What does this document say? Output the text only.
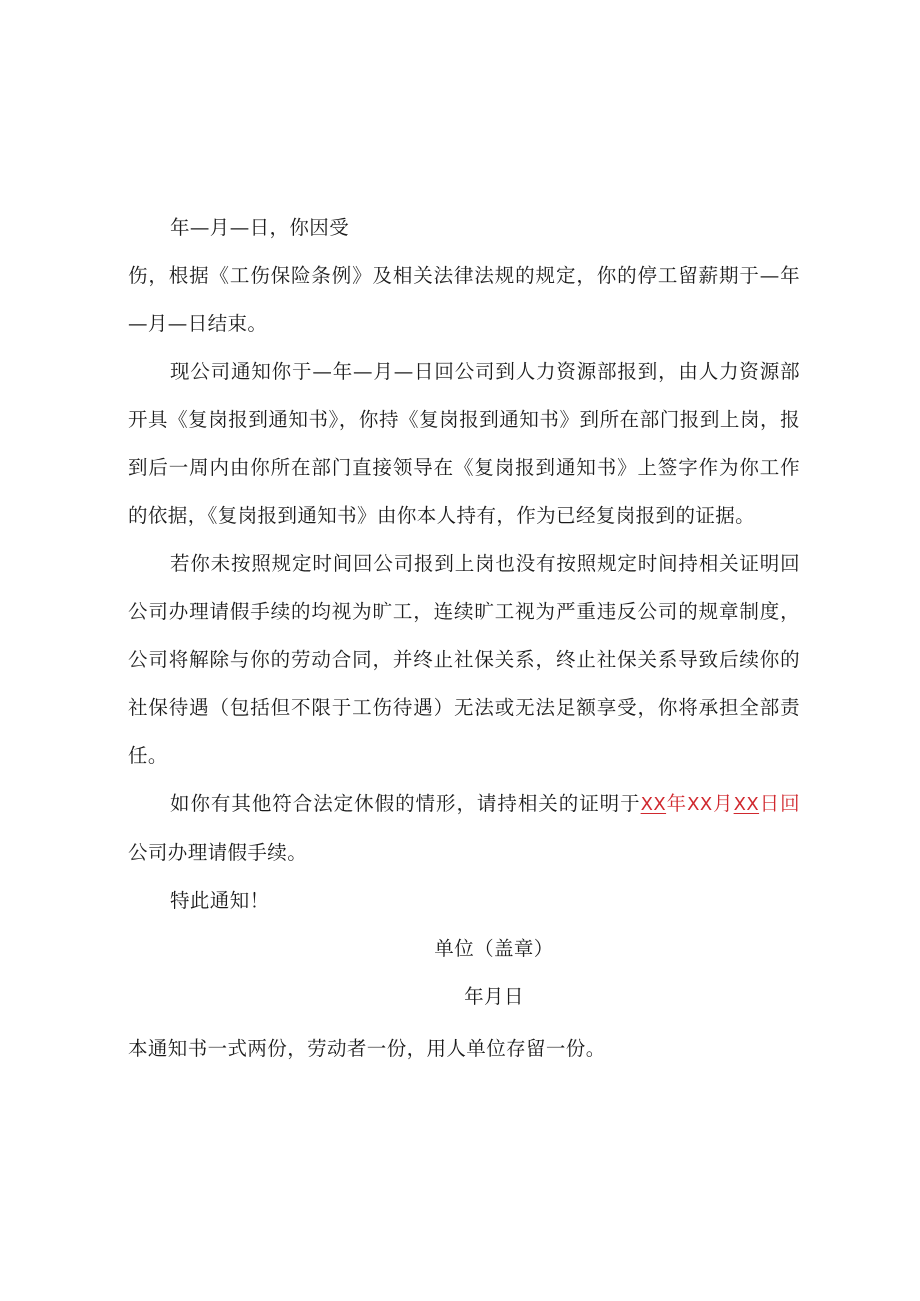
年—月—日，你因受

伤，根据《工伤保险条例》及相关法律法规的规定，你的停工留薪期于—年—月—日结束。

现公司通知你于—年—月—日回公司到人力资源部报到，由人力资源部开具《复岗报到通知书》，你持《复岗报到通知书》到所在部门报到上岗，报到后一周内由你所在部门直接领导在《复岗报到通知书》上签字作为你工作的依据，《复岗报到通知书》由你本人持有，作为已经复岗报到的证据。

若你未按照规定时间回公司报到上岗也没有按照规定时间持相关证明回公司办理请假手续的均视为旷工，连续旷工视为严重违反公司的规章制度，公司将解除与你的劳动合同，并终止社保关系，终止社保关系导致后续你的社保待遇（包括但不限于工伤待遇）无法或无法足额享受，你将承担全部责任。

如你有其他符合法定休假的情形，请持相关的证明于XX年XX月XX日回公司办理请假手续。

特此通知！

单位（盖章）

年月日

本通知书一式两份，劳动者一份，用人单位存留一份。
